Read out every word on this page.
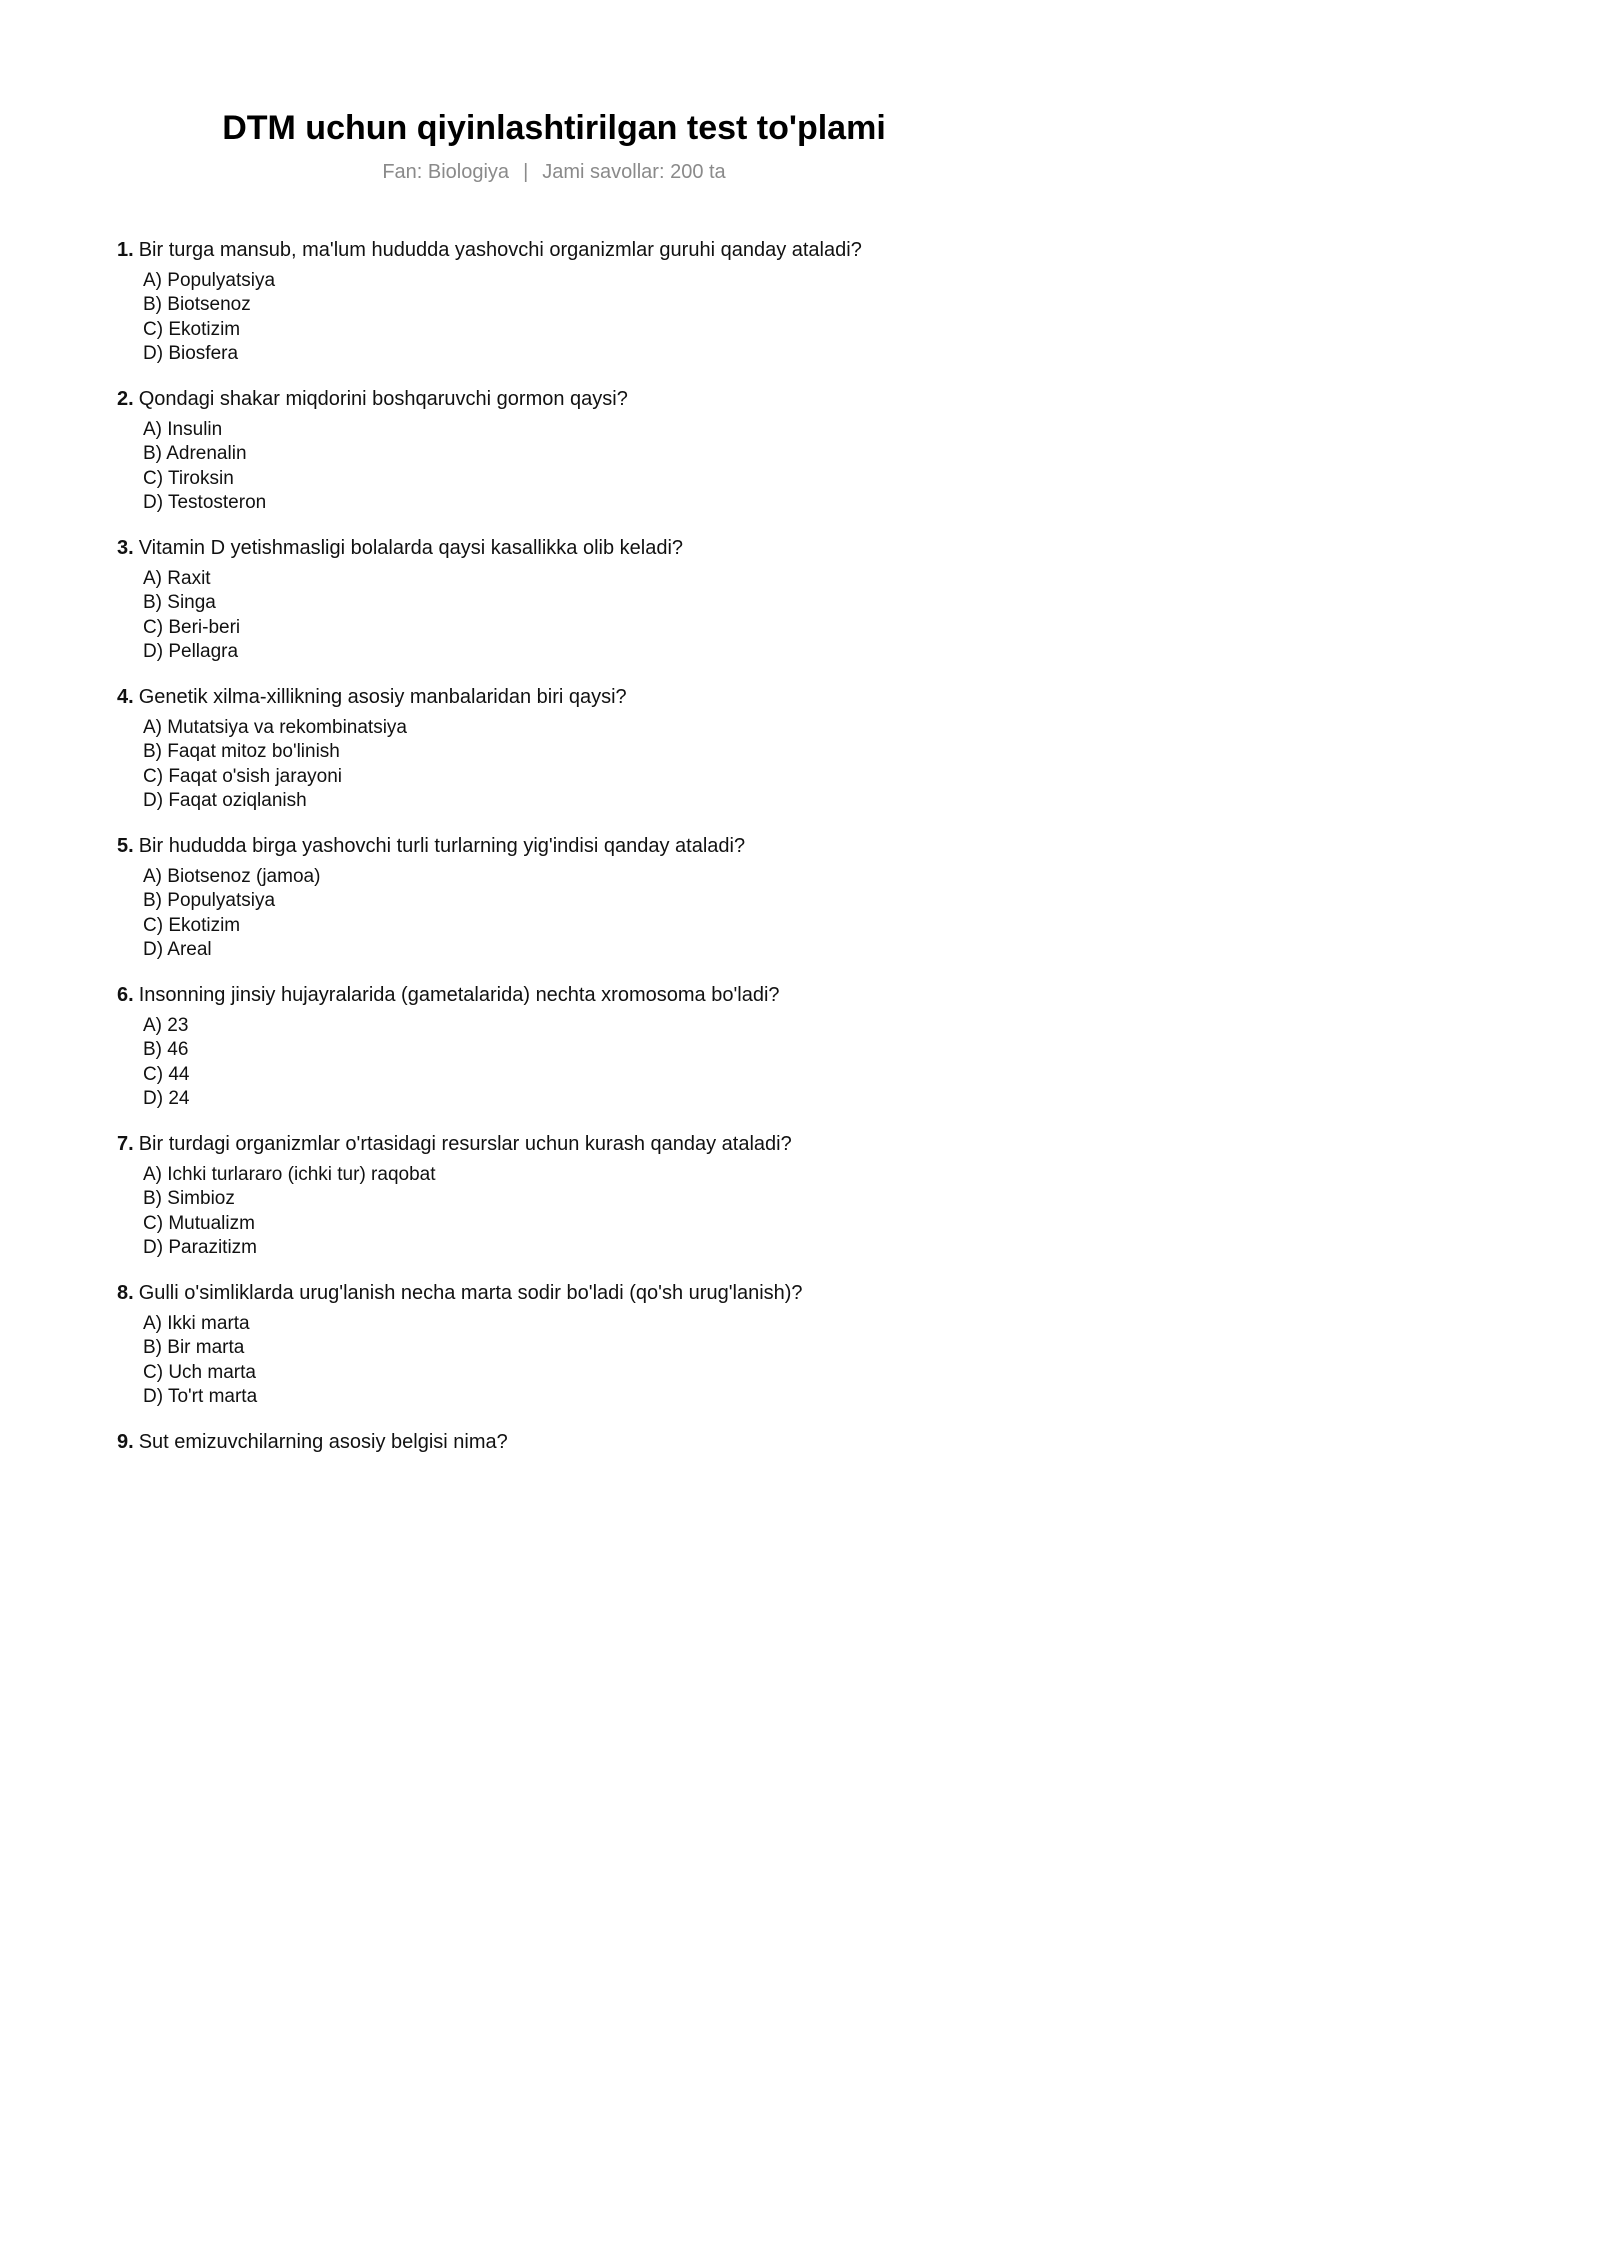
DTM uchun qiyinlashtirilgan test to'plami
Fan: Biologiya | Jami savollar: 200 ta

1. Bir turga mansub, ma'lum hududda yashovchi organizmlar guruhi qanday ataladi?

A) Populyatsiya
B) Biotsenoz
C) Ekotizim
D) Biosfera

2. Qondagi shakar miqdorini boshqaruvchi gormon qaysi?

A) Insulin
B) Adrenalin
C) Tiroksin
D) Testosteron

3. Vitamin D yetishmasligi bolalarda qaysi kasallikka olib keladi?

A) Raxit
B) Singa
C) Beri-beri
D) Pellagra

4. Genetik xilma-xillikning asosiy manbalaridan biri qaysi?

A) Mutatsiya va rekombinatsiya
B) Faqat mitoz bo'linish
C) Faqat o'sish jarayoni
D) Faqat oziqlanish

5. Bir hududda birga yashovchi turli turlarning yig'indisi qanday ataladi?

A) Biotsenoz (jamoa)
B) Populyatsiya
C) Ekotizim
D) Areal

6. Insonning jinsiy hujayralarida (gametalarida) nechta xromosoma bo'ladi?

A) 23
B) 46
C) 44
D) 24

7. Bir turdagi organizmlar o'rtasidagi resurslar uchun kurash qanday ataladi?

A) Ichki turlararo (ichki tur) raqobat
B) Simbioz
C) Mutualizm
D) Parazitizm

8. Gulli o'simliklarda urug'lanish necha marta sodir bo'ladi (qo'sh urug'lanish)?

A) Ikki marta
B) Bir marta
C) Uch marta
D) To'rt marta

9. Sut emizuvchilarning asosiy belgisi nima?
